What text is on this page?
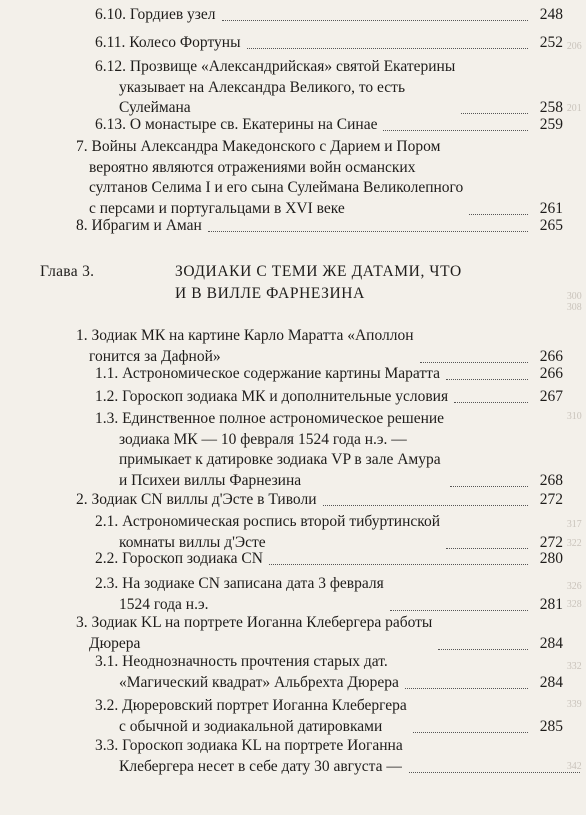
6.10. Гордиев узел	248
6.11. Колесо Фортуны	252
6.12. Прозвище «Александрийская» святой Екатерины
указывает на Александра Великого, то есть
Сулеймана	258
6.13. О монастыре св. Екатерины на Синае	259
7. Войны Александра Македонского с Дарием и Пором
вероятно являются отражениями войн османских
султанов Селима I и его сына Сулеймана Великолепного
с персами и португальцами в XVI веке	261
8. Ибрагим и Аман	265
1. Зодиак МК на картине Карло Маратта «Аполлон
гонится за Дафной»	266
1.1. Астрономическое содержание картины Маратта	266
1.2. Гороскоп зодиака МК и дополнительные условия	267
1.3. Единственное полное астрономическое решение
зодиака МК — 10 февраля 1524 года н.э. —
примыкает к датировке зодиака VP в зале Амура
и Психеи виллы Фарнезина	268
2. Зодиак CN виллы д'Эсте в Тиволи	272
2.1. Астрономическая роспись второй тибуртинской
комнаты виллы д'Эсте	272
2.2. Гороскоп зодиака CN	280
2.3. На зодиаке CN записана дата 3 февраля
1524 года н.э.	281
3. Зодиак KL на портрете Иоганна Клебергера работы
Дюрера	284
3.1. Неоднозначность прочтения старых дат.
«Магический квадрат» Альбрехта Дюрера	284
3.2. Дюреровский портрет Иоганна Клебергера
с обычной и зодиакальной датировками	285
3.3. Гороскоп зодиака KL на портрете Иоганна
Клебергера несет в себе дату 30 августа —
206
201
300
308
310
317
322
326
328
332
339
342
Глава 3.	ЗОДИАКИ С ТЕМИ ЖЕ ДАТАМИ, ЧТО
И В ВИЛЛЕ ФАРНЕЗИНА
